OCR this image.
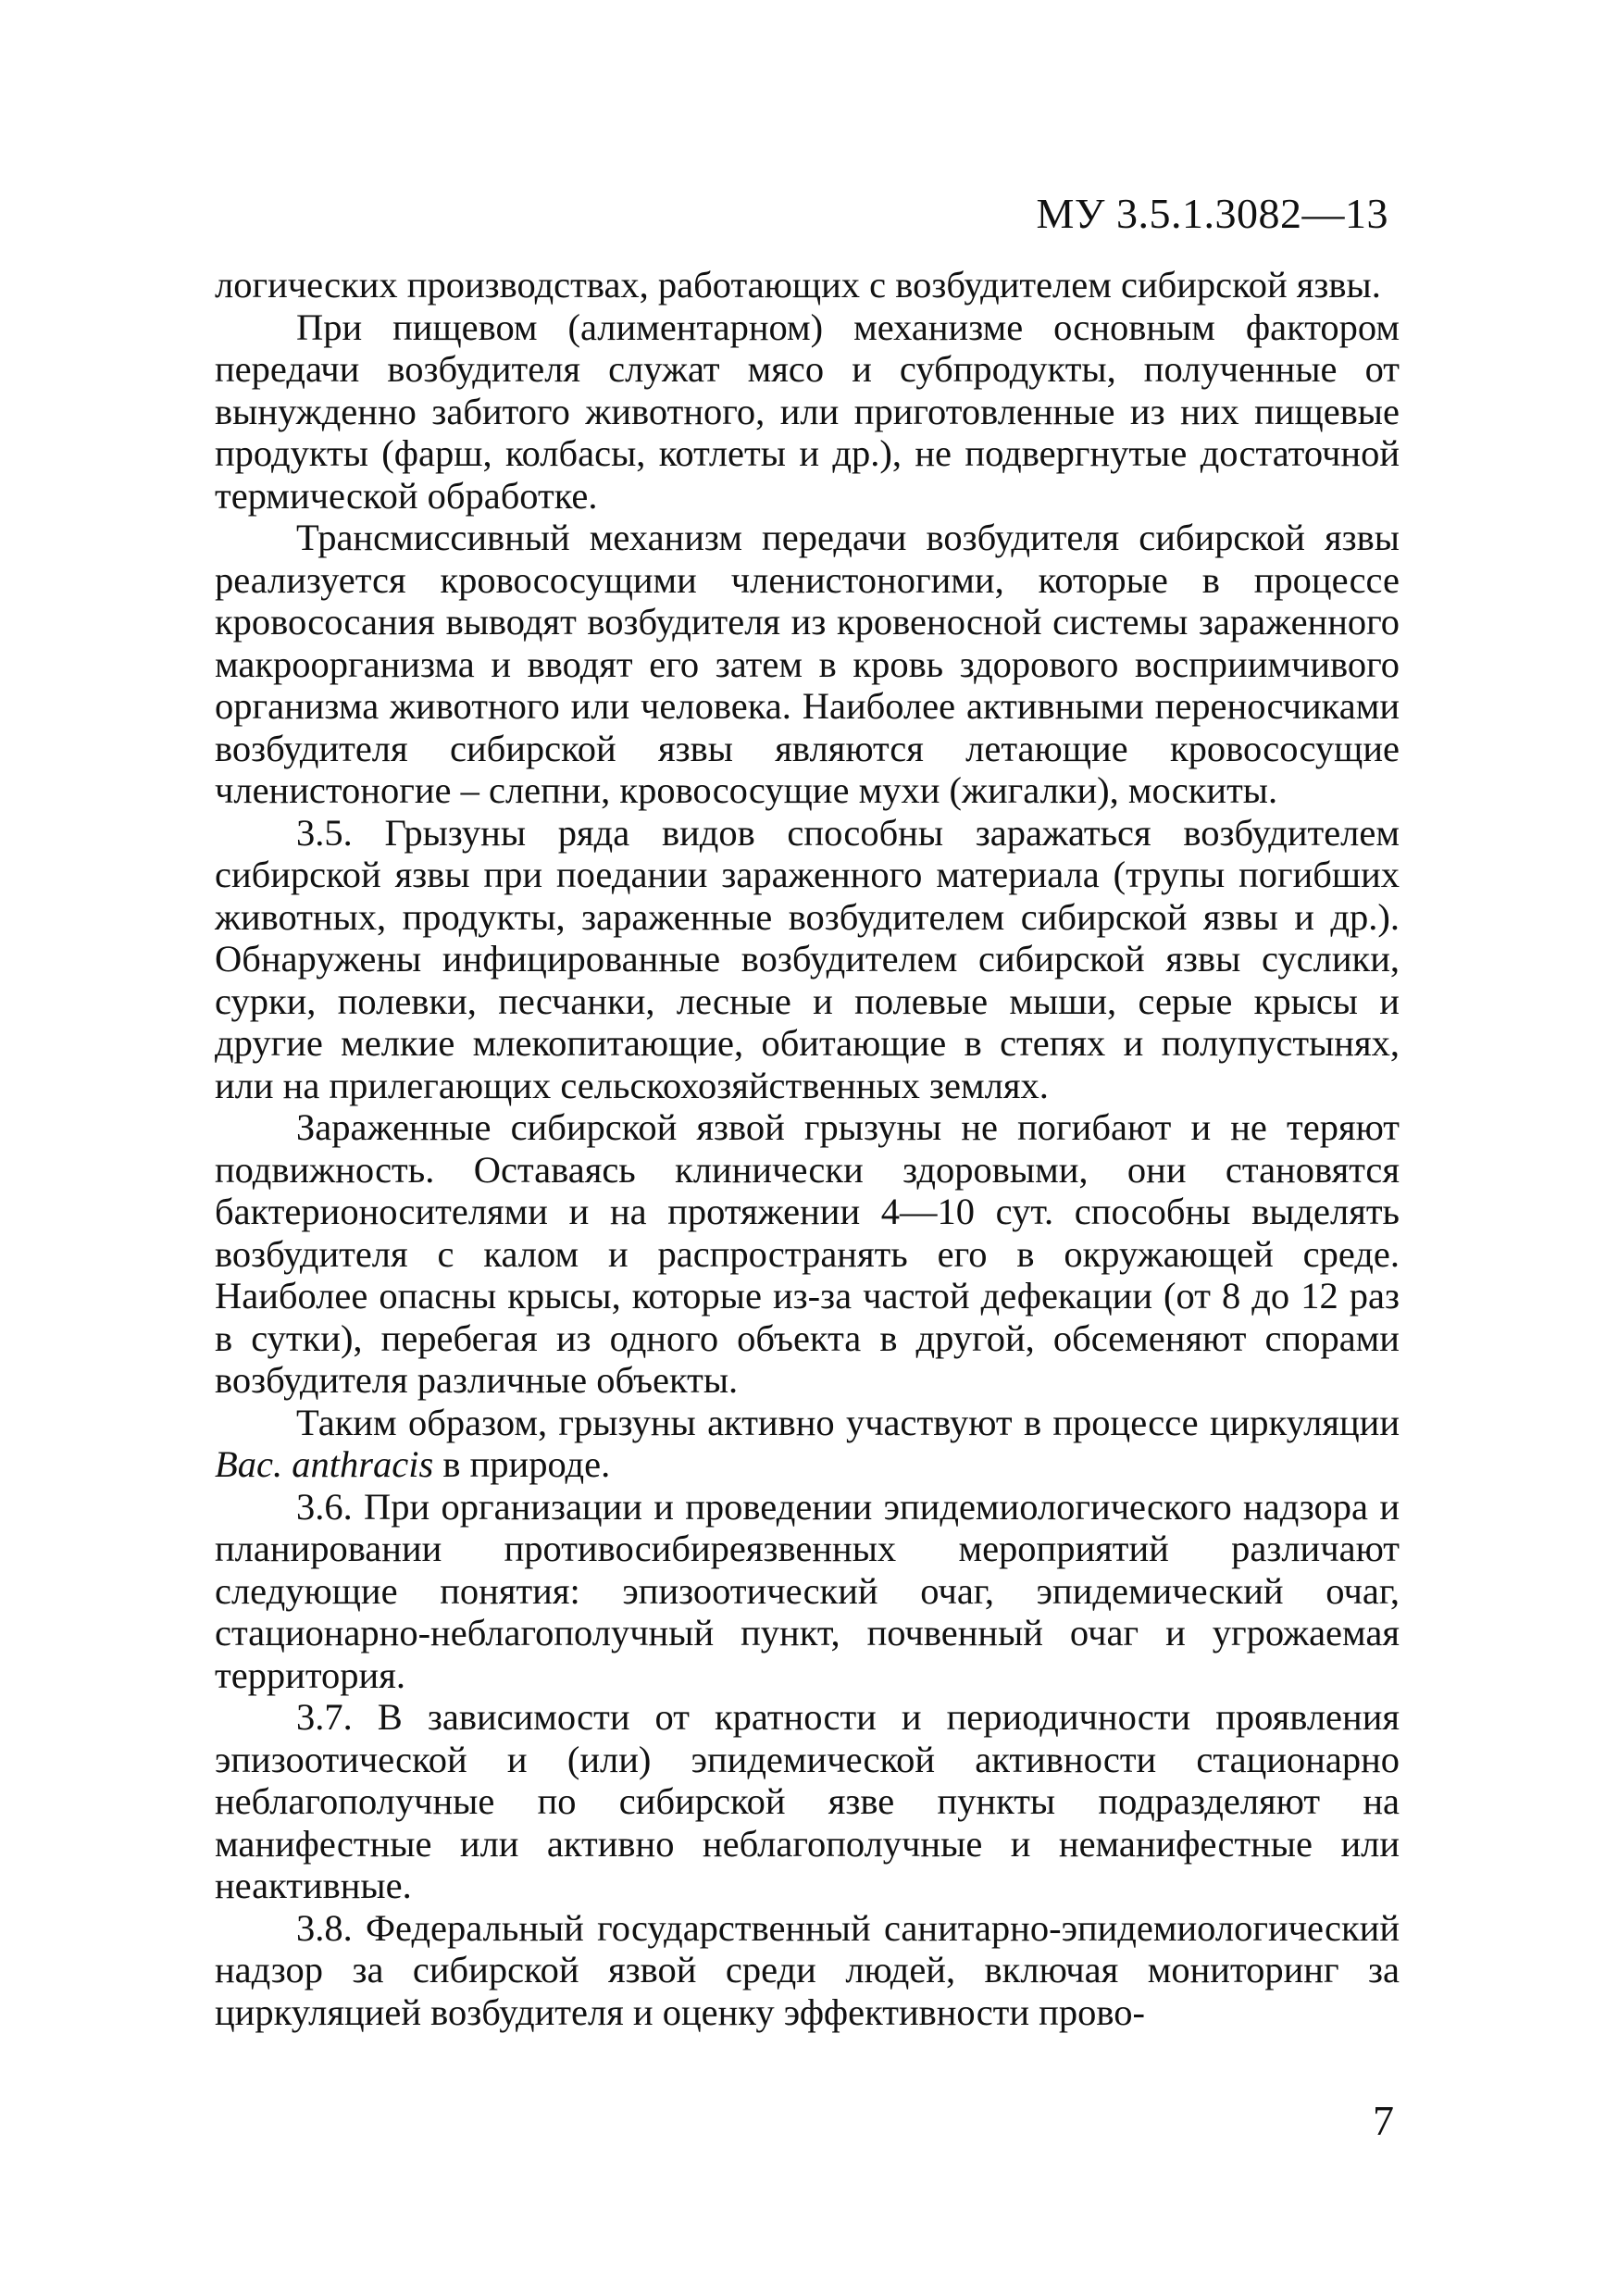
МУ 3.5.1.3082—13

логических производствах, работающих с возбудителем сибирской язвы.

При пищевом (алиментарном) механизме основным фактором передачи возбудителя служат мясо и субпродукты, полученные от вынужденно забитого животного, или приготовленные из них пищевые продукты (фарш, колбасы, котлеты и др.), не подвергнутые достаточной термической обработке.

Трансмиссивный механизм передачи возбудителя сибирской язвы реализуется кровососущими членистоногими, которые в процессе кровососания выводят возбудителя из кровеносной системы зараженного макроорганизма и вводят его затем в кровь здорового восприимчивого организма животного или человека. Наиболее активными переносчиками возбудителя сибирской язвы являются летающие кровососущие членистоногие – слепни, кровососущие мухи (жигалки), москиты.

3.5. Грызуны ряда видов способны заражаться возбудителем сибирской язвы при поедании зараженного материала (трупы погибших животных, продукты, зараженные возбудителем сибирской язвы и др.). Обнаружены инфицированные возбудителем сибирской язвы суслики, сурки, полевки, песчанки, лесные и полевые мыши, серые крысы и другие мелкие млекопитающие, обитающие в степях и полупустынях, или на прилегающих сельскохозяйственных землях.

Зараженные сибирской язвой грызуны не погибают и не теряют подвижность. Оставаясь клинически здоровыми, они становятся бактерионосителями и на протяжении 4—10 сут. способны выделять возбудителя с калом и распространять его в окружающей среде. Наиболее опасны крысы, которые из-за частой дефекации (от 8 до 12 раз в сутки), перебегая из одного объекта в другой, обсеменяют спорами возбудителя различные объекты.

Таким образом, грызуны активно участвуют в процессе циркуляции Bac. anthracis в природе.

3.6. При организации и проведении эпидемиологического надзора и планировании противосибиреязвенных мероприятий различают следующие понятия: эпизоотический очаг, эпидемический очаг, стационарно-неблагополучный пункт, почвенный очаг и угрожаемая территория.

3.7. В зависимости от кратности и периодичности проявления эпизоотической и (или) эпидемической активности стационарно неблагополучные по сибирской язве пункты подразделяют на манифестные или активно неблагополучные и неманифестные или неактивные.

3.8. Федеральный государственный санитарно-эпидемиологический надзор за сибирской язвой среди людей, включая мониторинг за циркуляцией возбудителя и оценку эффективности прово-

7
